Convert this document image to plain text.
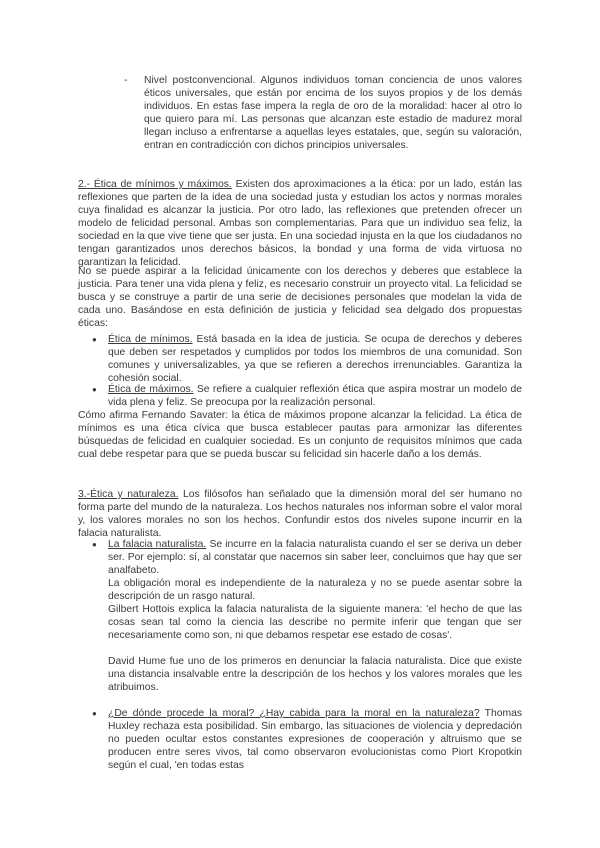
-	Nivel postconvencional. Algunos individuos toman conciencia de unos valores éticos universales, que están por encima de los suyos propios y de los demás individuos. En estas fase impera la regla de oro de la moralidad: hacer al otro lo que quiero para mí. Las personas que alcanzan este estadio de madurez moral llegan incluso a enfrentarse a aquellas leyes estatales, que, según su valoración, entran en contradicción con dichos principios universales.

2.- Ética de mínimos y máximos. Existen dos aproximaciones a la ética: por un lado, están las reflexiones que parten de la idea de una sociedad justa y estudian los actos y normas morales cuya finalidad es alcanzar la justicia. Por otro lado, las reflexiones que pretenden ofrecer un modelo de felicidad personal. Ambas son complementarias. Para que un individuo sea feliz, la sociedad en la que vive tiene que ser justa. En una sociedad injusta en la que los ciudadanos no tengan garantizados unos derechos básicos, la bondad y una forma de vida virtuosa no garantizan la felicidad.

No se puede aspirar a la felicidad únicamente con los derechos y deberes que establece la justicia. Para tener una vida plena y feliz, es necesario construir un proyecto vital. La felicidad se busca y se construye a partir de una serie de decisiones personales que modelan la vida de cada uno. Basándose en esta definición de justicia y felicidad sea delgado dos propuestas éticas:

●

Ética de mínimos. Está basada en la idea de justicia. Se ocupa de derechos y deberes que deben ser respetados y cumplidos por todos los miembros de una comunidad. Son comunes y universalizables, ya que se refieren a derechos irrenunciables. Garantiza la cohesión social.

●

Ética de máximos. Se refiere a cualquier reflexión ética que aspira mostrar un modelo de vida plena y feliz. Se preocupa por la realización personal.

Cómo afirma Fernando Savater: la ética de máximos propone alcanzar la felicidad. La ética de mínimos es una ética cívica que busca establecer pautas para armonizar las diferentes búsquedas de felicidad en cualquier sociedad. Es un conjunto de requisitos mínimos que cada cual debe respetar para que se pueda buscar su felicidad sin hacerle daño a los demás.

3.-Ética y naturaleza. Los filósofos han señalado que la dimensión moral del ser humano no forma parte del mundo de la naturaleza. Los hechos naturales nos informan sobre el valor moral y, los valores morales no son los hechos. Confundir estos dos niveles supone incurrir en la falacia naturalista.

●

La falacia naturalista. Se incurre en la falacia naturalista cuando el ser se deriva un deber ser. Por ejemplo: sí, al constatar que nacemos sin saber leer, concluimos que hay que ser analfabeto.

La obligación moral es independiente de la naturaleza y no se puede asentar sobre la descripción de un rasgo natural.

Gilbert Hottois explica la falacia naturalista de la siguiente manera: 'el hecho de que las cosas sean tal como la ciencia las describe no permite inferir que tengan que ser necesariamente como son, ni que debamos respetar ese estado de cosas'.

David Hume fue uno de los primeros en denunciar la falacia naturalista. Dice que existe una distancia insalvable entre la descripción de los hechos y los valores morales que les atribuimos.

●

¿De dónde procede la moral? ¿Hay cabida para la moral en la naturaleza? Thomas Huxley rechaza esta posibilidad. Sin embargo, las situaciones de violencia y depredación no pueden ocultar estos constantes expresiones de cooperación y altruismo que se producen entre seres vivos, tal como observaron evolucionistas como Piort Kropotkin según el cual, 'en todas estas
